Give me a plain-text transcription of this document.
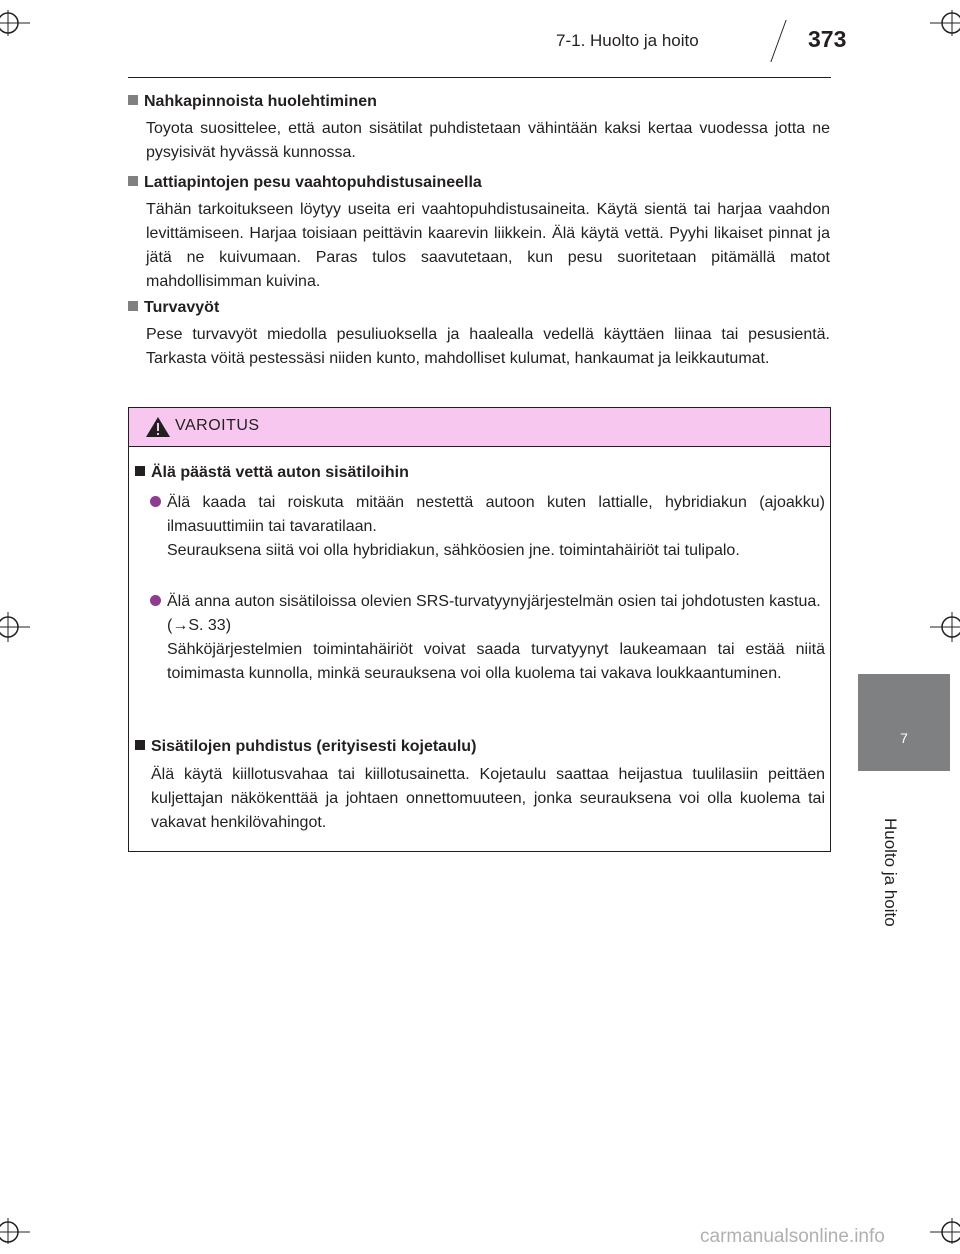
7-1. Huolto ja hoito	373
7
Huolto ja hoito
Nahkapinnoista huolehtiminen
Toyota suosittelee, että auton sisätilat puhdistetaan vähintään kaksi kertaa vuodessa jotta ne pysyisivät hyvässä kunnossa.
Lattiapintojen pesu vaahtopuhdistusaineella
Tähän tarkoitukseen löytyy useita eri vaahtopuhdistusaineita. Käytä sientä tai harjaa vaahdon levittämiseen. Harjaa toisiaan peittävin kaarevin liikkein. Älä käytä vettä. Pyyhi likaiset pinnat ja jätä ne kuivumaan. Paras tulos saavutetaan, kun pesu suoritetaan pitämällä matot mahdollisimman kuivina.
Turvavyöt
Pese turvavyöt miedolla pesuliuoksella ja haalealla vedellä käyttäen liinaa tai pesusientä. Tarkasta vöitä pestessäsi niiden kunto, mahdolliset kulumat, hankaumat ja leikkautumat.
VAROITUS
Älä päästä vettä auton sisätiloihin
Älä kaada tai roiskuta mitään nestettä autoon kuten lattialle, hybridiakun (ajoakku) ilmasuuttimiin tai tavaratilaan.
Seurauksena siitä voi olla hybridiakun, sähköosien jne. toimintahäiriöt tai tulipalo.
Älä anna auton sisätiloissa olevien SRS-turvatyynyjärjestelmän osien tai johdotusten kastua.
(→S. 33)
Sähköjärjestelmien toimintahäiriöt voivat saada turvatyynyt laukeamaan tai estää niitä toimimasta kunnolla, minkä seurauksena voi olla kuolema tai vakava loukkaantuminen.
Sisätilojen puhdistus (erityisesti kojetaulu)
Älä käytä kiillotusvahaa tai kiillotusainetta. Kojetaulu saattaa heijastua tuulilasiin peittäen kuljettajan näkökenttää ja johtaen onnettomuuteen, jonka seurauksena voi olla kuolema tai vakavat henkilövahingot.
carmanualsonline.info
